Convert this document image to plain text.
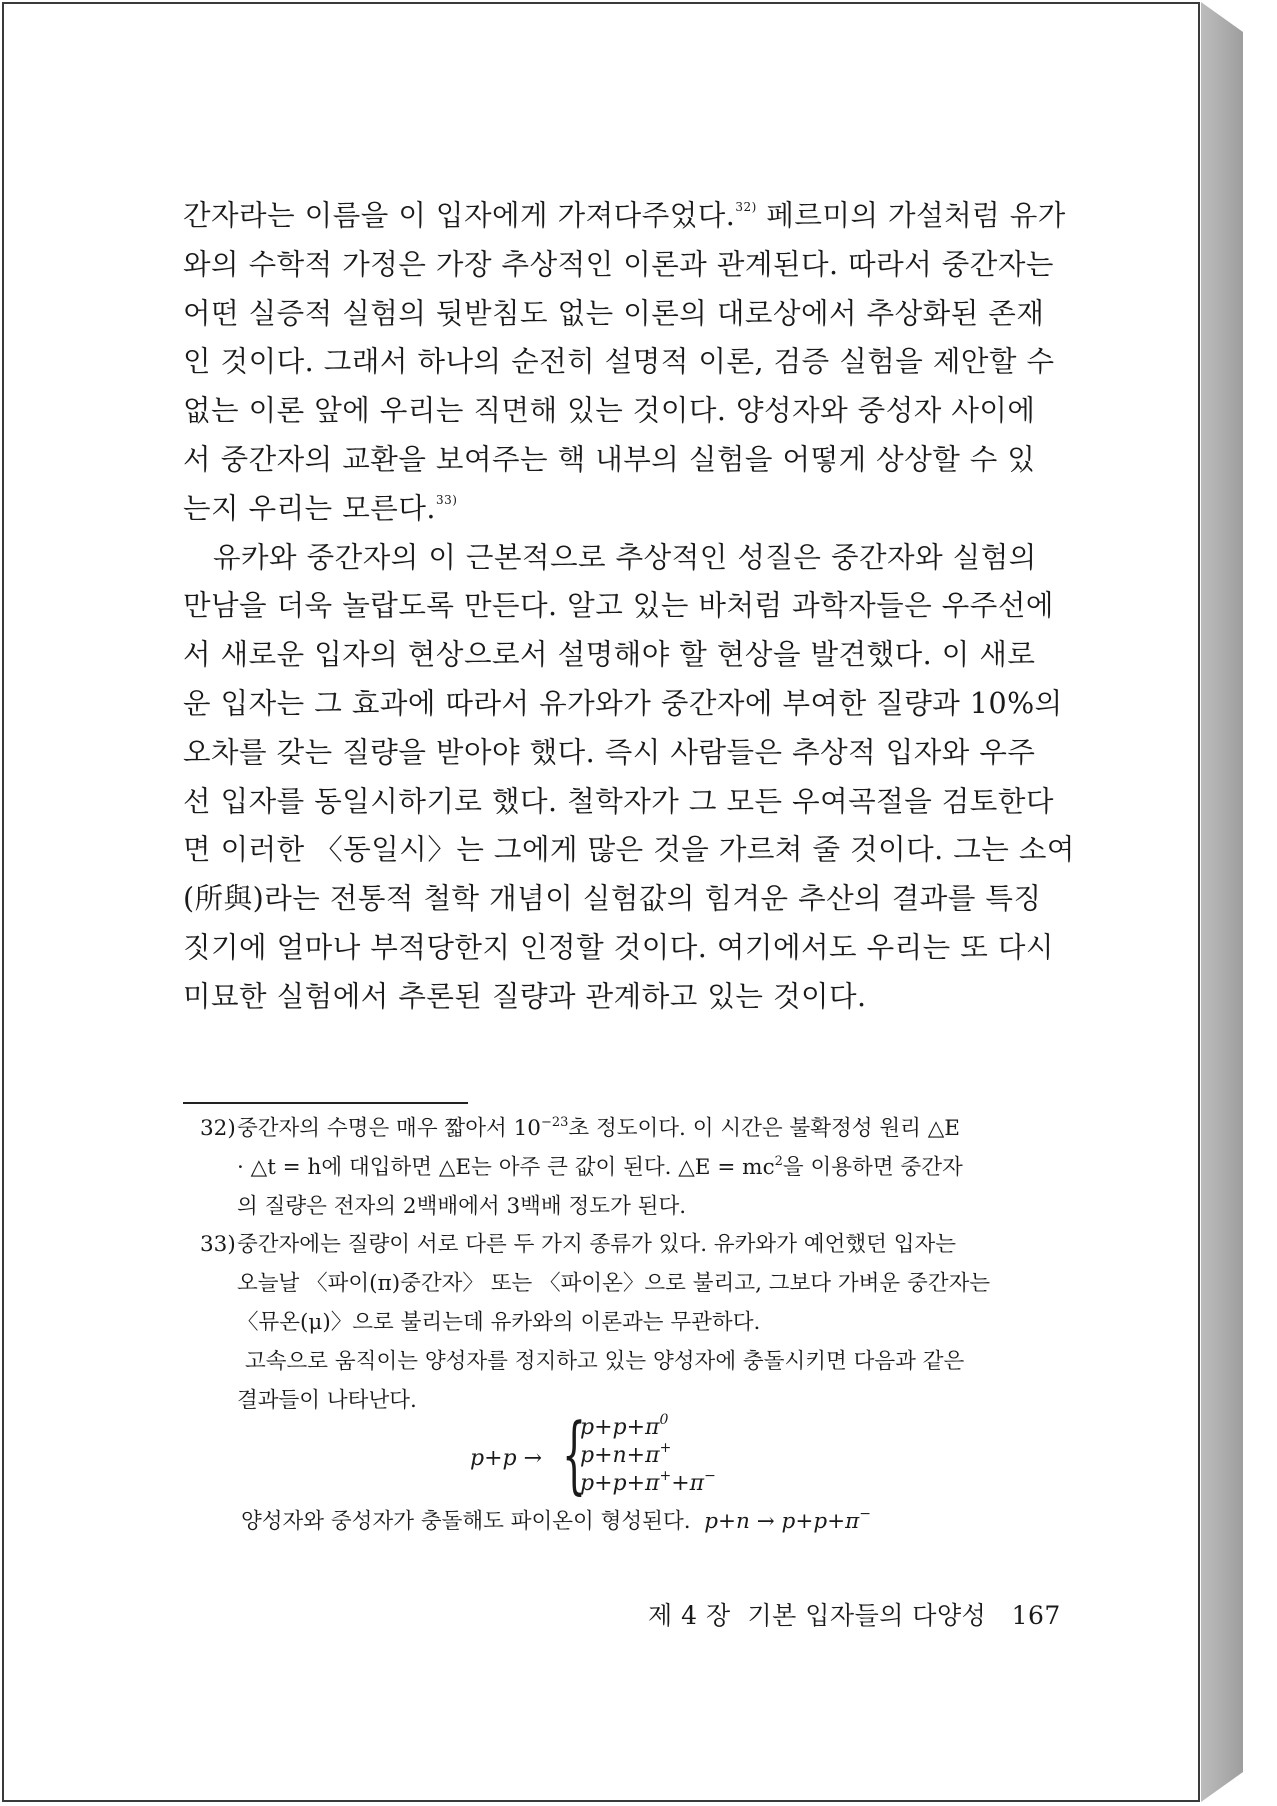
간자라는 이름을 이 입자에게 가져다주었다.$^{32)}$ 페르미의 가설처럼 유가
와의 수학적 가정은 가장 추상적인 이론과 관계된다. 따라서 중간자는
어떤 실증적 실험의 뒷받침도 없는 이론의 대로상에서 추상화된 존재
인 것이다. 그래서 하나의 순전히 설명적 이론, 검증 실험을 제안할 수
없는 이론 앞에 우리는 직면해 있는 것이다. 양성자와 중성자 사이에
서 중간자의 교환을 보여주는 핵 내부의 실험을 어떻게 상상할 수 있
는지 우리는 모른다.$^{33)}$

유카와 중간자의 이 근본적으로 추상적인 성질은 중간자와 실험의
만남을 더욱 놀랍도록 만든다. 알고 있는 바처럼 과학자들은 우주선에
서 새로운 입자의 현상으로서 설명해야 할 현상을 발견했다. 이 새로
운 입자는 그 효과에 따라서 유가와가 중간자에 부여한 질량과 10%의
오차를 갖는 질량을 받아야 했다. 즉시 사람들은 추상적 입자와 우주
선 입자를 동일시하기로 했다. 철학자가 그 모든 우여곡절을 검토한다
면 이러한 〈동일시〉는 그에게 많은 것을 가르쳐 줄 것이다. 그는 소여
(所與)라는 전통적 철학 개념이 실험값의 힘겨운 추산의 결과를 특징
짓기에 얼마나 부적당한지 인정할 것이다. 여기에서도 우리는 또 다시
미묘한 실험에서 추론된 질량과 관계하고 있는 것이다.

32) 중간자의 수명은 매우 짧아서 $10^{-23}$초 정도이다. 이 시간은 불확정성 원리 △E
· △t = h에 대입하면 △E는 아주 큰 값이 된다. △E = $mc^2$을 이용하면 중간자
의 질량은 전자의 2백배에서 3백배 정도가 된다.
33) 중간자에는 질량이 서로 다른 두 가지 종류가 있다. 유카와가 예언했던 입자는
오늘날 〈파이(π)중간자〉 또는 〈파이온〉으로 불리고, 그보다 가벼운 중간자는
〈뮤온(μ)〉으로 불리는데 유카와의 이론과는 무관하다.
고속으로 움직이는 양성자를 정지하고 있는 양성자에 충돌시키면 다음과 같은
결과들이 나타난다.
p+p → {
$p+p+\pi^0$
p+n+π+
p+p+π++π−
양성자와 중성자가 충돌해도 파이온이 형성된다. p+n → p+p+π−
제 4 장 기본 입자들의 다양성 167
